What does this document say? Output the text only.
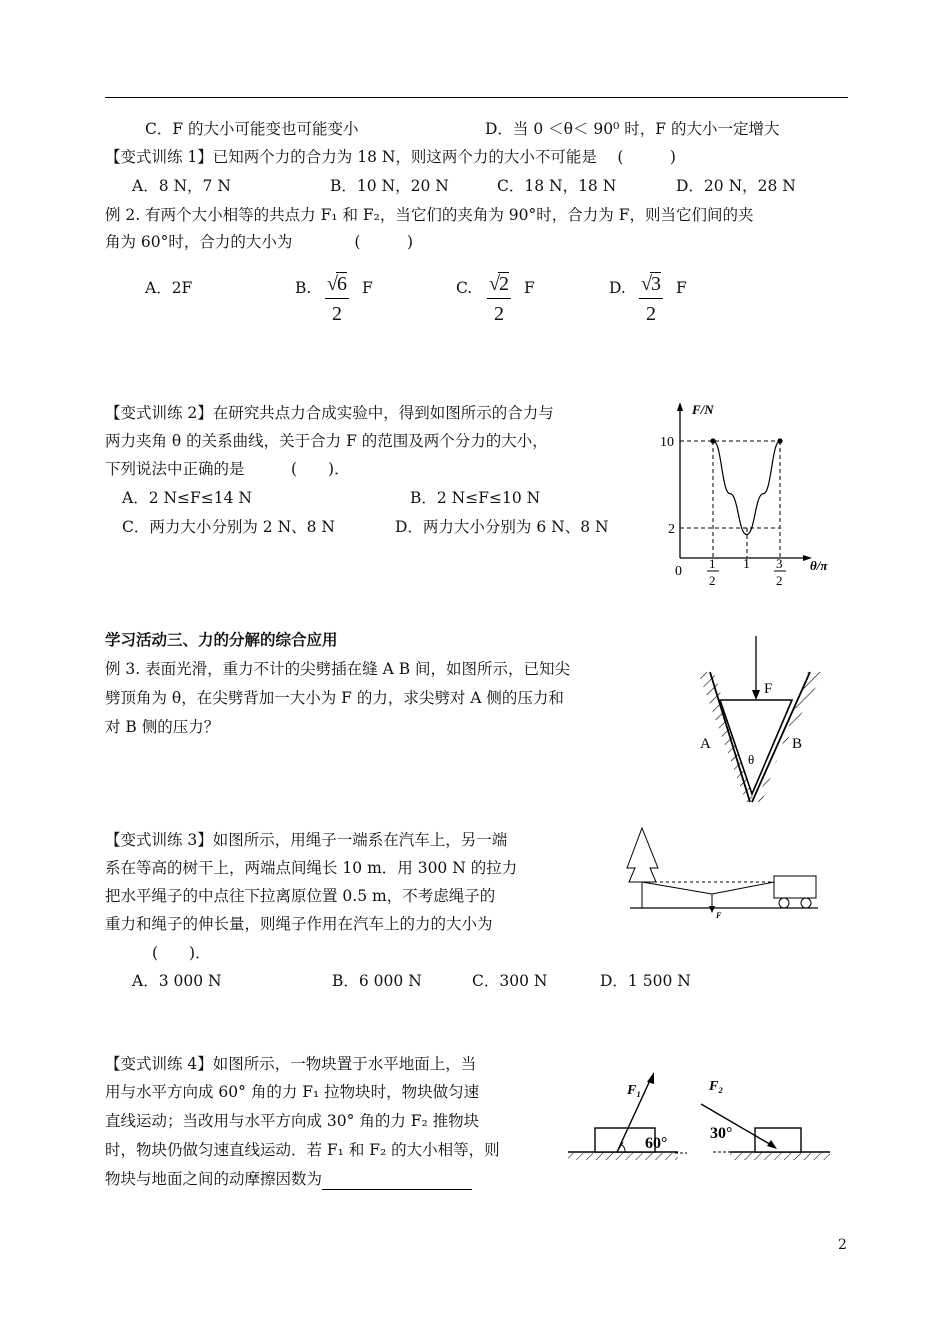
C．F 的大小可能变也可能变小	D．当 0 ＜θ＜ 90⁰ 时，F 的大小一定增大
【变式训练 1】已知两个力的合力为 18 N，则这两个力的大小不可能是　 (　　　)
A．8 N，7 N	B．10 N，20 N	C．18 N，18 N	D．20 N，28 N
例 2. 有两个大小相等的共点力 F₁ 和 F₂，当它们的夹角为 90°时，合力为 F，则当它们间的夹
角为 60°时，合力的大小为　　　　(　　　)
A．2F	B. $\frac{√6}{2}$ F	C. $\frac{√2}{2}$ F	D. $\frac{√3}{2}$ F
【变式训练 2】在研究共点力合成实验中，得到如图所示的合力与
两力夹角 θ 的关系曲线，关于合力 F 的范围及两个分力的大小，
下列说法中正确的是　　　(　　)．
A．2 N≤F≤14 N	B．2 N≤F≤10 N
C．两力大小分别为 2 N、8 N	D．两力大小分别为 6 N、8 N
F/N
10
2
0
1
2
1 3
2
θ/π
学习活动三、力的分解的综合应用
例 3. 表面光滑，重力不计的尖劈插在缝 A B 间，如图所示，已知尖
劈顶角为 θ，在尖劈背加一大小为 F 的力，求尖劈对 A 侧的压力和
对 B 侧的压力？
F
A	B
θ
【变式训练 3】如图所示，用绳子一端系在汽车上，另一端
系在等高的树干上，两端点间绳长 10 m．用 300 N 的拉力
把水平绳子的中点往下拉离原位置 0.5 m，不考虑绳子的
重力和绳子的伸长量，则绳子作用在汽车上的力的大小为
(　　)．
A．3 000 N	B．6 000 N	C．300 N	D．1 500 N
F
【变式训练 4】如图所示，一物块置于水平地面上，当
用与水平方向成 60° 角的力 F₁ 拉物块时，物块做匀速
直线运动；当改用与水平方向成 30° 角的力 F₂ 推物块
时，物块仍做匀速直线运动．若 F₁ 和 F₂ 的大小相等，则
物块与地面之间的动摩擦因数为
F₁
60°
F₂
30°
2
